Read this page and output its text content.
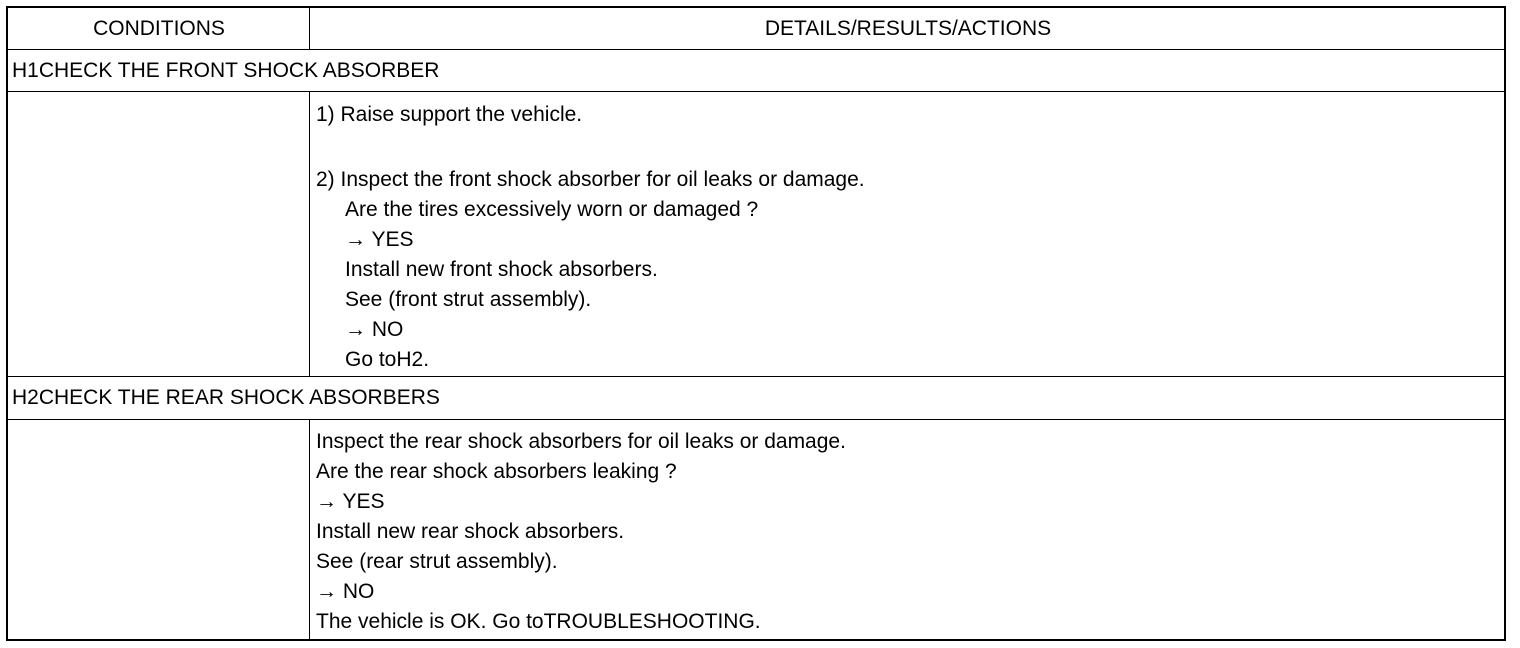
CONDITIONS	DETAILS/RESULTS/ACTIONS
H1CHECK THE FRONT SHOCK ABSORBER
1) Raise support the vehicle.
2) Inspect the front shock absorber for oil leaks or damage.
Are the tires excessively worn or damaged ?
→ YES
Install new front shock absorbers.
See (front strut assembly).
→ NO
Go toH2.
H2CHECK THE REAR SHOCK ABSORBERS
Inspect the rear shock absorbers for oil leaks or damage.
Are the rear shock absorbers leaking ?
→ YES
Install new rear shock absorbers.
See (rear strut assembly).
→ NO
The vehicle is OK. Go toTROUBLESHOOTING.
